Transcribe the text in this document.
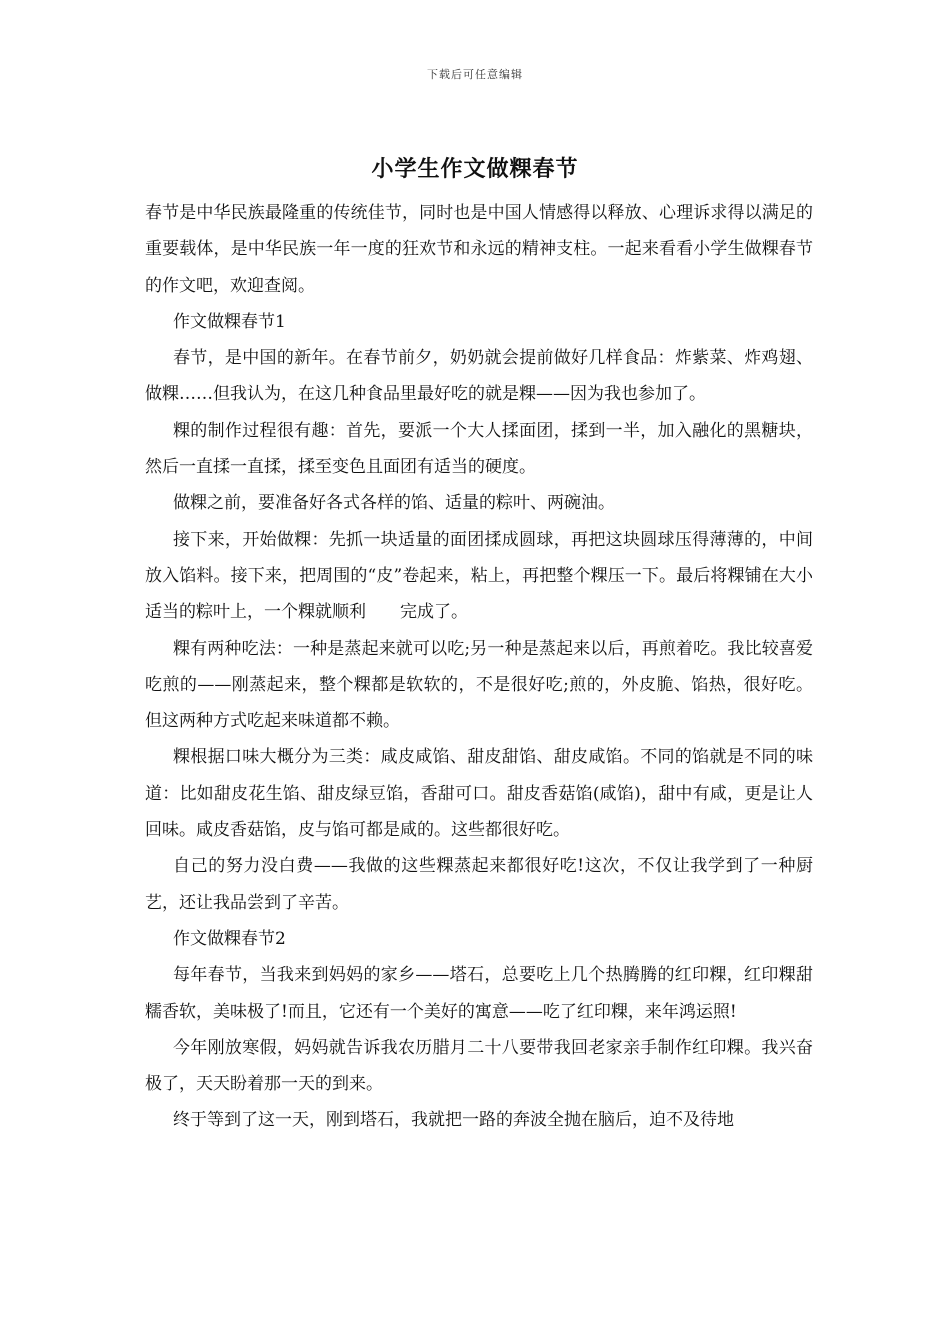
下载后可任意编辑
小学生作文做粿春节

春节是中华民族最隆重的传统佳节，同时也是中国人情感得以释放、心理诉求得以满足的重要载体，是中华民族一年一度的狂欢节和永远的精神支柱。一起来看看小学生做粿春节的作文吧，欢迎查阅。

作文做粿春节1

春节，是中国的新年。在春节前夕，奶奶就会提前做好几样食品：炸紫菜、炸鸡翅、做粿……但我认为，在这几种食品里最好吃的就是粿——因为我也参加了。

粿的制作过程很有趣：首先，要派一个大人揉面团，揉到一半，加入融化的黑糖块，然后一直揉一直揉，揉至变色且面团有适当的硬度。

做粿之前，要准备好各式各样的馅、适量的粽叶、两碗油。

接下来，开始做粿：先抓一块适量的面团揉成圆球，再把这块圆球压得薄薄的，中间放入馅料。接下来，把周围的“皮”卷起来，粘上，再把整个粿压一下。最后将粿铺在大小适当的粽叶上，一个粿就顺利　　完成了。

粿有两种吃法：一种是蒸起来就可以吃;另一种是蒸起来以后，再煎着吃。我比较喜爱吃煎的——刚蒸起来，整个粿都是软软的，不是很好吃;煎的，外皮脆、馅热，很好吃。但这两种方式吃起来味道都不赖。

粿根据口味大概分为三类：咸皮咸馅、甜皮甜馅、甜皮咸馅。不同的馅就是不同的味道：比如甜皮花生馅、甜皮绿豆馅，香甜可口。甜皮香菇馅(咸馅)，甜中有咸，更是让人回味。咸皮香菇馅，皮与馅可都是咸的。这些都很好吃。

自己的努力没白费——我做的这些粿蒸起来都很好吃!这次，不仅让我学到了一种厨艺，还让我品尝到了辛苦。

作文做粿春节2

每年春节，当我来到妈妈的家乡——塔石，总要吃上几个热腾腾的红印粿，红印粿甜糯香软，美味极了!而且，它还有一个美好的寓意——吃了红印粿，来年鸿运照!

今年刚放寒假，妈妈就告诉我农历腊月二十八要带我回老家亲手制作红印粿。我兴奋极了，天天盼着那一天的到来。

终于等到了这一天，刚到塔石，我就把一路的奔波全抛在脑后，迫不及待地
